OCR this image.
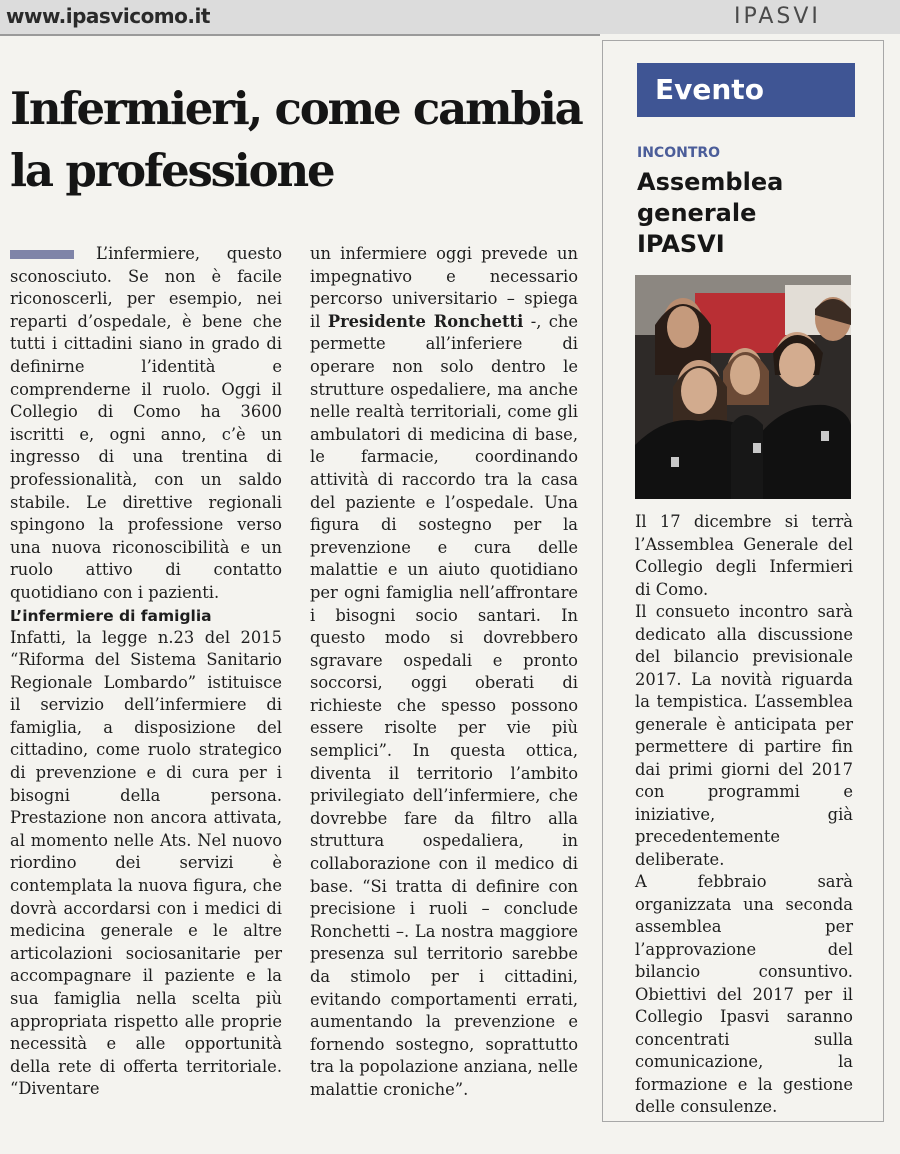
www.ipasvicomo.it	IPASVI
Infermieri, come cambia la professione

L’infermiere, questo sconosciuto. Se non è facile riconoscerli, per esempio, nei reparti d’ospedale, è bene che tutti i cittadini siano in grado di definirne l’identità e comprenderne il ruolo. Oggi il Collegio di Como ha 3600 iscritti e, ogni anno, c’è un ingresso di una trentina di professionalità, con un saldo stabile. Le direttive regionali spingono la professione verso una nuova riconoscibilità e un ruolo attivo di contatto quotidiano con i pazienti.

L’infermiere di famiglia

Infatti, la legge n.23 del 2015 “Riforma del Sistema Sanitario Regionale Lombardo” istituisce il servizio dell’infermiere di famiglia, a disposizione del cittadino, come ruolo strategico di prevenzione e di cura per i bisogni della persona. Prestazione non ancora attivata, al momento nelle Ats. Nel nuovo riordino dei servizi è contemplata la nuova figura, che dovrà accordarsi con i medici di medicina generale e le altre articolazioni sociosanitarie per accompagnare il paziente e la sua famiglia nella scelta più appropriata rispetto alle proprie necessità e alle opportunità della rete di offerta territoriale. “Diventare

un infermiere oggi prevede un impegnativo e necessario percorso universitario – spiega il Presidente Ronchetti -, che permette all’inferiere di operare non solo dentro le strutture ospedaliere, ma anche nelle realtà territoriali, come gli ambulatori di medicina di base, le farmacie, coordinando attività di raccordo tra la casa del paziente e l’ospedale. Una figura di sostegno per la prevenzione e cura delle malattie e un aiuto quotidiano per ogni famiglia nell’affrontare i bisogni socio santari. In questo modo si dovrebbero sgravare ospedali e pronto soccorsi, oggi oberati di richieste che spesso possono essere risolte per vie più semplici”. In questa ottica, diventa il territorio l’ambito privilegiato dell’infermiere, che dovrebbe fare da filtro alla struttura ospedaliera, in collaborazione con il medico di base. “Si tratta di definire con precisione i ruoli – conclude Ronchetti –. La nostra maggiore presenza sul territorio sarebbe da stimolo per i cittadini, evitando comportamenti errati, aumentando la prevenzione e fornendo sostegno, soprattutto tra la popolazione anziana, nelle malattie croniche”.

Evento
INCONTRO
Assemblea
generale
IPASVI

Il 17 dicembre si terrà l’Assemblea Generale del Collegio degli Infermieri di Como.

Il consueto incontro sarà dedicato alla discussione del bilancio previsionale 2017. La novità riguarda la tempistica. L’assemblea generale è anticipata per permettere di partire fin dai primi giorni del 2017 con programmi e iniziative, già precedentemente deliberate.

A febbraio sarà organizzata una seconda assemblea per l’approvazione del bilancio consuntivo. Obiettivi del 2017 per il Collegio Ipasvi saranno concentrati sulla comunicazione, la formazione e la gestione delle consulenze.
